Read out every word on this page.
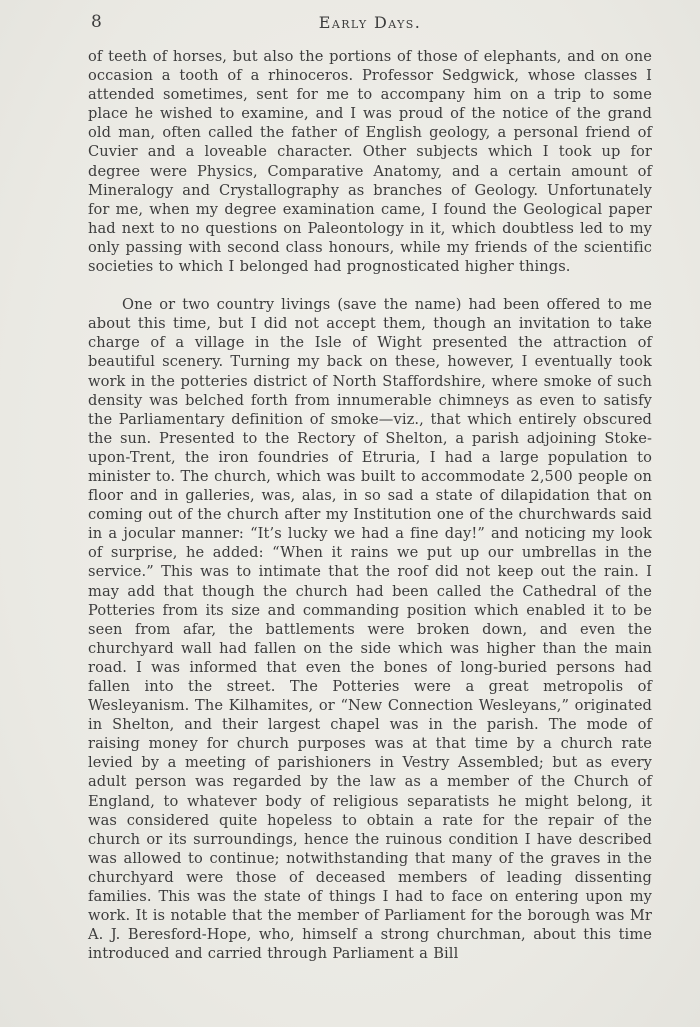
8	Early Days.

of teeth of horses, but also the portions of those of elephants, and on one occasion a tooth of a rhinoceros. Professor Sedgwick, whose classes I attended sometimes, sent for me to accompany him on a trip to some place he wished to examine, and I was proud of the notice of the grand old man, often called the father of English geology, a personal friend of Cuvier and a loveable character. Other subjects which I took up for degree were Physics, Comparative Anatomy, and a certain amount of Mineralogy and Crystallography as branches of Geology. Unfortunately for me, when my degree examination came, I found the Geological paper had next to no questions on Paleontology in it, which doubtless led to my only passing with second class honours, while my friends of the scientific societies to which I belonged had prognosticated higher things.

One or two country livings (save the name) had been offered to me about this time, but I did not accept them, though an invitation to take charge of a village in the Isle of Wight presented the attraction of beautiful scenery. Turning my back on these, however, I eventually took work in the potteries district of North Staffordshire, where smoke of such density was belched forth from innumerable chimneys as even to satisfy the Parliamentary definition of smoke—viz., that which entirely obscured the sun. Presented to the Rectory of Shelton, a parish adjoining Stoke-upon-Trent, the iron foundries of Etruria, I had a large population to minister to. The church, which was built to accommodate 2,500 people on floor and in galleries, was, alas, in so sad a state of dilapidation that on coming out of the church after my Institution one of the churchwards said in a jocular manner: “It’s lucky we had a fine day!” and noticing my look of surprise, he added: “When it rains we put up our umbrellas in the service.” This was to intimate that the roof did not keep out the rain. I may add that though the church had been called the Cathedral of the Potteries from its size and commanding position which enabled it to be seen from afar, the battlements were broken down, and even the churchyard wall had fallen on the side which was higher than the main road. I was informed that even the bones of long-buried persons had fallen into the street. The Potteries were a great metropolis of Wesleyanism. The Kilhamites, or “New Connection Wesleyans,” originated in Shelton, and their largest chapel was in the parish. The mode of raising money for church purposes was at that time by a church rate levied by a meeting of parishioners in Vestry Assembled; but as every adult person was regarded by the law as a member of the Church of England, to whatever body of religious separatists he might belong, it was considered quite hopeless to obtain a rate for the repair of the church or its surroundings, hence the ruinous condition I have described was allowed to continue; notwithstanding that many of the graves in the churchyard were those of deceased members of leading dissenting families. This was the state of things I had to face on entering upon my work. It is notable that the member of Parliament for the borough was Mr A. J. Beresford-Hope, who, himself a strong churchman, about this time introduced and carried through Parliament a Bill
